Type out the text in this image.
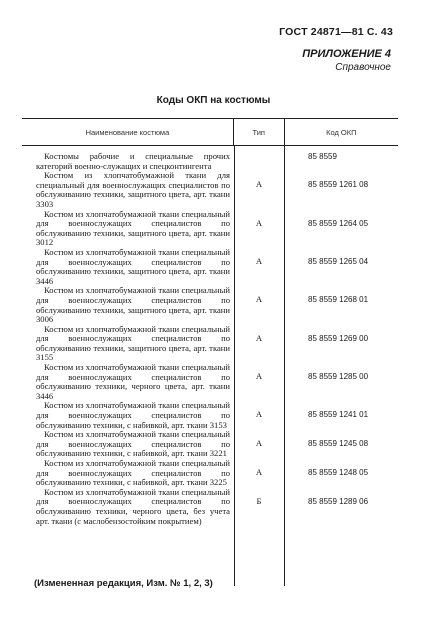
ГОСТ 24871—81 С. 43
ПРИЛОЖЕНИЕ 4
Справочное
Коды ОКП на костюмы
Наименование костюма	Тип	Код ОКП
Костюмы рабочие и специальные прочих категорий военно-служащих и спецконтингента
85 8559
Костюм из хлопчатобумажной ткани для специальный для военнослужащих специалистов по обслуживанию техники, защитного цвета, арт. ткани 3303
А	85 8559 1261 08
Костюм из хлопчатобумажной ткани специальный для военнослужащих специалистов по обслуживанию техники, защитного цвета, арт. ткани 3012
А	85 8559 1264 05
Костюм из хлопчатобумажной ткани специальный для военнослужащих специалистов по обслуживанию техники, защитного цвета, арт. ткани 3446
А	85 8559 1265 04
Костюм из хлопчатобумажной ткани специальный для военнослужащих специалистов по обслуживанию техники, защитного цвета, арт. ткани 3006
А	85 8559 1268 01
Костюм из хлопчатобумажной ткани специальный для военнослужащих специалистов по обслуживанию техники, защитного цвета, арт. ткани 3155
А	85 8559 1269 00
Костюм из хлопчатобумажной ткани специальный для военнослужащих специалистов по обслуживанию техники, черного цвета, арт. ткани 3446
А	85 8559 1285 00
Костюм из хлопчатобумажной ткани специальный для военнослужащих специалистов по обслуживанию техники, с набивкой, арт. ткани 3153
А	85 8559 1241 01
Костюм из хлопчатобумажной ткани специальный для военнослужащих специалистов по обслуживанию техники, с набивкой, арт. ткани 3221
А	85 8559 1245 08
Костюм из хлопчатобумажной ткани специальный для военнослужащих специалистов по обслуживанию техники, с набивкой, арт. ткани 3225
А	85 8559 1248 05
Костюм из хлопчатобумажной ткани специальный для военнослужащих специалистов по обслуживанию техники, черного цвета, без учета арт. ткани (с маслобензостойким покрытием)
Б	85 8559 1289 06
(Измененная редакция, Изм. № 1, 2, 3)
